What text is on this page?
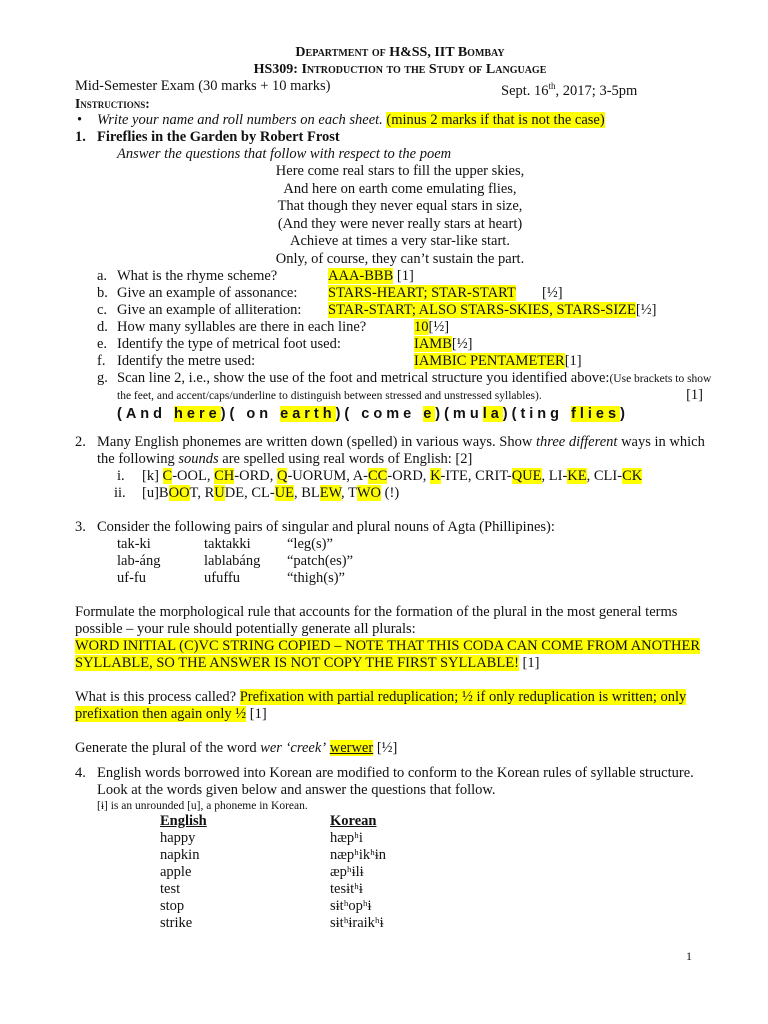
Department of H&SS, IIT Bombay
HS309: Introduction to the Study of Language
Mid-Semester Exam (30 marks + 10 marks)	Sept. 16th, 2017; 3-5pm
Instructions:
• Write your name and roll numbers on each sheet. (minus 2 marks if that is not the case)
1. Fireflies in the Garden by Robert Frost
Answer the questions that follow with respect to the poem
Here come real stars to fill the upper skies,
And here on earth come emulating flies,
That though they never equal stars in size,
(And they were never really stars at heart)
Achieve at times a very star-like start.
Only, of course, they can’t sustain the part.
a. What is the rhyme scheme?	AAA-BBB [1]
b. Give an example of assonance: STARS-HEART; STAR-START [½]
c. Give an example of alliteration: STAR-START; ALSO STARS-SKIES, STARS-SIZE[½]
d. How many syllables are there in each line?	10[½]
e. Identify the type of metrical foot used:	IAMB[½]
f. Identify the metre used:	IAMBIC PENTAMETER[1]
g. Scan line 2, i.e., show the use of the foot and metrical structure you identified above:(Use brackets to show the feet, and accent/caps/underline to distinguish between stressed and unstressed syllables).	[1]
(And here)( on earth)( come e)(mula)(ting flies)
2. Many English phonemes are written down (spelled) in various ways. Show three different ways in which the following sounds are spelled using real words of English: [2]
i. [k] C-OOL, CH-ORD, Q-UORUM, A-CC-ORD, K-ITE, CRIT-QUE, LI-KE, CLI-CK
ii. [u]BOOT, RUDE, CL-UE, BLEW, TWO (!)
3. Consider the following pairs of singular and plural nouns of Agta (Phillipines):
tak-ki	taktakki	“leg(s)”
lab-áng	lablabáng “patch(es)”
uf-fu	ufuffu	“thigh(s)”
Formulate the morphological rule that accounts for the formation of the plural in the most general terms possible – your rule should potentially generate all plurals:
WORD INITIAL (C)VC STRING COPIED – NOTE THAT THIS CODA CAN COME FROM ANOTHER SYLLABLE, SO THE ANSWER IS NOT COPY THE FIRST SYLLABLE! [1]
What is this process called? Prefixation with partial reduplication; ½ if only reduplication is written; only prefixation then again only ½ [1]
Generate the plural of the word wer ‘creek’ werwer [½]
4. English words borrowed into Korean are modified to conform to the Korean rules of syllable structure. Look at the words given below and answer the questions that follow.
[ɨ] is an unrounded [u], a phoneme in Korean.
English	Korean
happy	hæpʰi
napkin	næpʰikʰɨn
apple	æpʰɨlɨ
test	tesɨtʰɨ
stop	sɨtʰopʰɨ
strike	sɨtʰɨraikʰɨ
1
